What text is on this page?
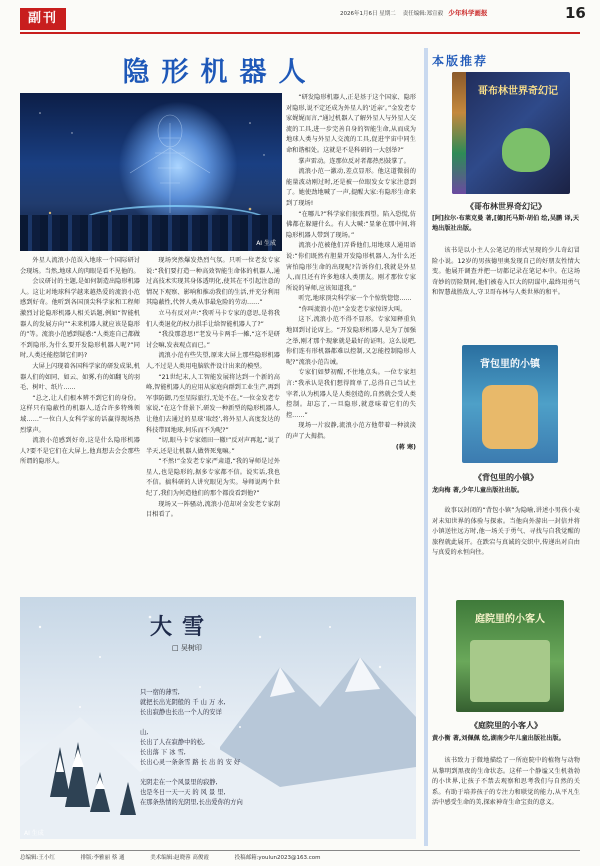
副刊	2026年1月6日 星期二 责任编辑:郑宣毅 少年科学画报	16
隐形机器人
AI 生成

外星人流浪小范误入地球一个国际研讨会现场。当然,地球人的肉眼是看不见他的。

会议研讨的主题,是如何制造出隐形机器人。这让对地球科学越来越热爱的流浪小范感到好奇。他听到各国顶尖科学家和工程师激烈讨论隐形机器人相关话题,例如“智能机器人的发展方向”“未来机器人就应该是隐形的”等。流浪小范感到疑惑:“人类连自己都做不到隐形,为什么要开发隐形机器人呢?”同时,人类还能控制它们吗?

大屏上闪现着各国科学家的研发成果,机器人们的如同、如云、如雾,有的如翻飞的羽毛、树叶、纸片……

“总之,让人们根本辨不到它们的身份。这样只有隐蔽性的机器人,适合许多特殊领域……”一位白人女科学家的话赢得现场热烈掌声。

流浪小范感到好奇,这是什么隐形机器人?要不是它们在大屏上,他真想去会会那些所谓的隐形人。

现场突然爆发热烈气氛。只听一位老发专家说:“我们要打造一种高效智能生命体的机器人,通过高技术实现其身体透明化,使其在不引起注意的情况下观察、影响和推动我们的生活,并充分利用其隐蔽性,代替人类从事最危险的劳动……”

立马有反对声:“我听马卡专家的意思,是将我们人类退化的权力拱手让给智能机器人了?”

“我没那意思!”老发马卡两手一摊,“这不是研讨会嘛,发表观点而已。”

流浪小范有些失望,原来大屏上那些隐形机器人,不过是人类用电脑软件设计出来的模型。

“21世纪末,人工智能发展将达到一个新的高峰,智能机器人的应用从家庭向群到工业生产,再到军事防御,乃至星际旅行,无处不在。”一位金发老专家说,“在这个背景下,研发一种新型的隐形机器人,让他们去通过的星球‘取经’,将外星人高度发达的科技带回地球,何乐而不为呢?”

“切,眼马卡专家姐田一辙!”反对声再起,“说了半天,还是让机器人做替死鬼嘛。”

“不然!”金发老专家严肃道,“我的导师是过外星人,也是隐形的,据多专家都不信。说实话,我也不信。搞科研的人讲究眼见为实。导师说两个世纪了,我们为何造他们的那个都没看到他?”

现场又一阵骚动,流浪小范却对金发老专家刮目相看了。

“研发隐形机器人,正是基于这个国家、隐形对隐形,说不定还成为外星人的‘近亲’。”金发老专家娓娓而言,“通过机器人了解外星人与外星人交流的工具,进一步完善自身的智能生命,从而成为地球人类与外星人交流的工具,促进宇宙中同生命和谐相处。这就是不是科研的一大创举?”

掌声雷动。连那位反对者都热烈鼓掌了。

流浪小范一激动,差点显形。他这道微弱的能量波动刚过时,还是被一位眼发女专家注意到了。她使劲地喊了一声,提醒大家:有隐形生命来到了现场!

“在哪儿?”科学家们很张西望。陷入恐慌,仿佛都在躲避什么。有人大喊:“显象在那中间,将隐形机器人带到了现场。”

流浪小范被他们弄昏他们,用地球人通用语说:“你们既然有胆量开发隐形机器人,为什么还害怕隐形生命的出现呢?告诉你们,我就是外星人,而且还有许多地球人类朋友。刚才那位专家所说的导师,应该知道我。”

听完,地球顶尖科学家一个个惊恍惚惚……

“你叫流浪小范!”金发老专家惊讶大叫。

这下,流浪小范不得不显形。专家知释重负地回到讨论席上。“开发隐形机器人是为了加强之举,刚才那个现象就是最好的证明。这么说吧,你们连有形机器都难以控制,又怎能控制隐形人呢?”流浪小范告诫。

专家们如梦初醒,不住地点头。一位专家坦言:“我承认是我们想得简单了,总得自己当试主宰者,认为机器人是人类创造的,自然就会受人类控制。却忘了,一旦隐形,就意味着它们的失控……”

现场一片寂静,流浪小范方他带着一种淡淡的声了大拇指。

(蒋 寒)

大雪
□ 吴树印
只一宿的薄雪,
就把长出光阴般的 千 山 万 水,
长出寂静也长出一个人的安详
山,
长出了人在寂静中的松,
长出落 下 冰 雪,
长出心灵一条条雪 路 长 出 的 安 好
光阴走在一个风景里的寂静,
也是冬日一天一天 的 风 景 里,
在那条热情的光阴里,长出爱你的方向
AI 生成
本版推荐
哥布林世界奇幻记
《哥布林世界奇幻记》
[阿]拉尔·布莱克曼 著,[德]托马斯·胡伯 绘,吴鹏 译,天地出版社出版。

该书是以小主人公笔记的形式呈现的少儿奇幻冒险小说。12岁的男孩德里奥发现自己的好朋友性情大变。他展开调查并把一切都记录在笔记本中。在这场奇妙的历险期间,他们被卷入巨大的阴谋中,最终用勇气和智慧战胜敌人,守卫哥布林与人类世界的和平。

背包里的小镇
《背包里的小镇》
龙向梅 著,少年儿童出版社出版。

故事以封闭的“背包小镇”为隐喻,讲述小男孩小麦对未知世界的体验与探索。当他向外游出一封信并将小镇送往远方时,他一场关于勇气、寻找与自我觉醒的旅程就此展开。在跌宕与真诚的交织中,传递出对自由与真爱的永恒向往。

庭院里的小客人
《庭院里的小客人》
黄小衡 著,刘佩佩 绘,湖南少年儿童出版社出版。

该书致力于微地描绘了一所庭院中的植物与动物从黎明到黑夜的生命状态。这样一个静谧又生机勃勃的小世界,让孩子不禁去观察和思考我们与自然的关系。有助于培养孩子的专注力和联觉的能力,从平凡生活中感受生命的美,探索神奇生命宝贵的意义。

总编辑:王小红	排版:李雅丽 蔡 通	美术编辑:赵晓蓉 高俊霞	投稿邮箱:youlun2023@163.com
